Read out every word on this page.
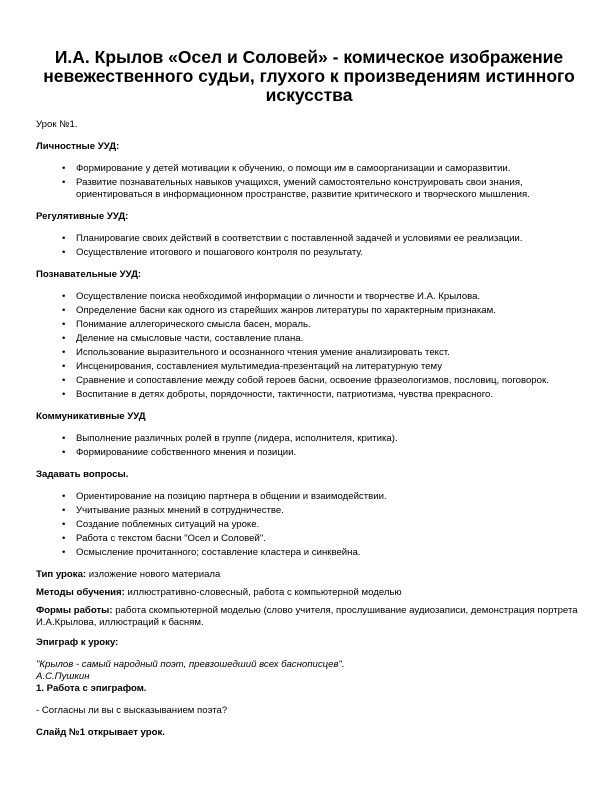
И.А. Крылов «Осел и Соловей» - комическое изображение невежественного судьи, глухого к произведениям истинного искусства

Урок №1.

Личностные УУД:

• Формирование у детей мотивации к обучению, о помощи им в самоорганизации и саморазвитии.
• Развитие познавательных навыков учащихся, умений самостоятельно конструировать свои знания, ориентироваться в информационном пространстве, развитие критического и творческого мышления.

Регулятивные УУД:

• Планировагие своих действий в соответствии с поставленной задачей и условиями ее реализации.
• Осуществление итогового и пошагового контроля по результату.

Познавательные УУД:

• Осуществление поиска необходимой информации о личности и творчестве И.А. Крылова.
• Определение басни как одного из старейших жанров литературы по характерным признакам.
• Понимание аллегорического смысла басен, мораль.
• Деление на смысловые части, составление плана.
• Использование выразительного и осознанного чтения умение анализировать текст.
• Инсценирования, составлениея мультимедиа-презентаций на литературную тему
• Сравнение и сопоставление между собой героев басни, освоение фразеологизмов, пословиц, поговорок.
• Воспитание в детях доброты, порядочности, тактичности, патриотизма, чувства прекрасного.

Коммуникативные УУД

• Выполнение различных ролей в группе (лидера, исполнителя, критика).
• Формированиие собственного мнения и позиции.

Задавать вопросы.

• Ориентирование на позицию партнера в общении и взаимодействии.
• Учитывание разных мнений в сотрудничестве.
• Создание поблемных ситуаций на уроке.
• Работа с текстом басни "Осел и Соловей".
• Осмысление прочитанного; составление кластера и синквейна.

Тип урока: изложение нового материала

Методы обучения: иллюстративно-словесный, работа с компьютерной моделью

Формы работы: работа скомпьютерной моделью (слово учителя, прослушивание аудиозаписи, демонстрация портрета И.А.Крылова, иллюстраций к басням.

Эпиграф к уроку:

"Крылов - самый народный поэт, превзошедший всех баснописцев".

А.С.Пушкин

1. Работа с эпиграфом.

- Согласны ли вы с высказыванием поэта?

Слайд №1 открывает урок.
